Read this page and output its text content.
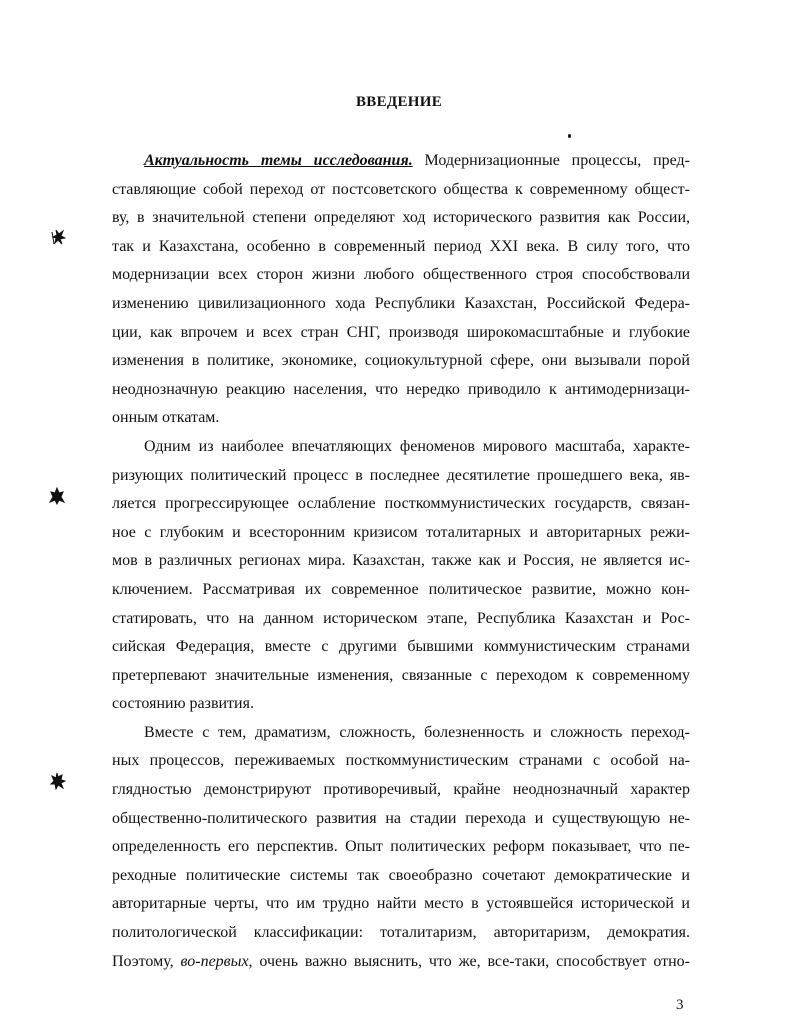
ВВЕДЕНИЕ
Актуальность темы исследования. Модернизационные процессы, пред-
ставляющие собой переход от постсоветского общества к современному общест-
ву, в значительной степени определяют ход исторического развития как России,
так и Казахстана, особенно в современный период XXI века. В силу того, что
модернизации всех сторон жизни любого общественного строя способствовали
изменению цивилизационного хода Республики Казахстан, Российской Федера-
ции, как впрочем и всех стран СНГ, производя широкомасштабные и глубокие
изменения в политике, экономике, социокультурной сфере, они вызывали порой
неоднозначную реакцию населения, что нередко приводило к антимодернизаци-
онным откатам.
Одним из наиболее впечатляющих феноменов мирового масштаба, характе-
ризующих политический процесс в последнее десятилетие прошедшего века, яв-
ляется прогрессирующее ослабление посткоммунистических государств, связан-
ное с глубоким и всесторонним кризисом тоталитарных и авторитарных режи-
мов в различных регионах мира. Казахстан, также как и Россия, не является ис-
ключением. Рассматривая их современное политическое развитие, можно кон-
статировать, что на данном историческом этапе, Республика Казахстан и Рос-
сийская Федерация, вместе с другими бывшими коммунистическим странами
претерпевают значительные изменения, связанные с переходом к современному
состоянию развития.
Вместе с тем, драматизм, сложность, болезненность и сложность переход-
ных процессов, переживаемых посткоммунистическим странами с особой на-
глядностью демонстрируют противоречивый, крайне неоднозначный характер
общественно-политического развития на стадии перехода и существующую не-
определенность его перспектив. Опыт политических реформ показывает, что пе-
реходные политические системы так своеобразно сочетают демократические и
авторитарные черты, что им трудно найти место в устоявшейся исторической и
политологической классификации: тоталитаризм, авторитаризм, демократия.
Поэтому, во-первых, очень важно выяснить, что же, все-таки, способствует отно-
3
